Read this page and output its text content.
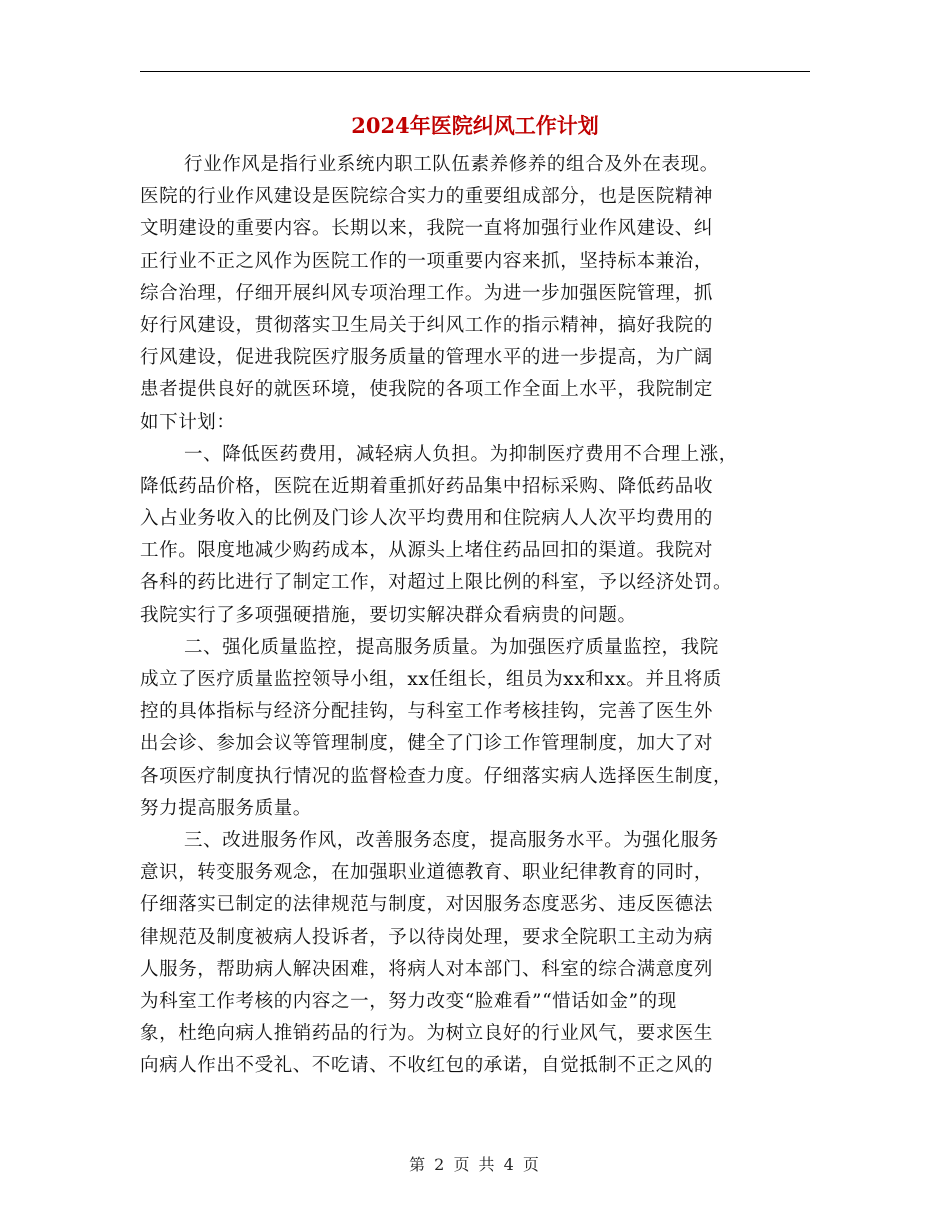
2024年医院纠风工作计划
行业作风是指行业系统内职工队伍素养修养的组合及外在表现。
医院的行业作风建设是医院综合实力的重要组成部分，也是医院精神
文明建设的重要内容。长期以来，我院一直将加强行业作风建设、纠
正行业不正之风作为医院工作的一项重要内容来抓，坚持标本兼治，
综合治理，仔细开展纠风专项治理工作。为进一步加强医院管理，抓
好行风建设，贯彻落实卫生局关于纠风工作的指示精神，搞好我院的
行风建设，促进我院医疗服务质量的管理水平的进一步提高，为广阔
患者提供良好的就医环境，使我院的各项工作全面上水平，我院制定
如下计划：
一、降低医药费用，减轻病人负担。为抑制医疗费用不合理上涨，
降低药品价格，医院在近期着重抓好药品集中招标采购、降低药品收
入占业务收入的比例及门诊人次平均费用和住院病人人次平均费用的
工作。限度地减少购药成本，从源头上堵住药品回扣的渠道。我院对
各科的药比进行了制定工作，对超过上限比例的科室，予以经济处罚。
我院实行了多项强硬措施，要切实解决群众看病贵的问题。
二、强化质量监控，提高服务质量。为加强医疗质量监控，我院
成立了医疗质量监控领导小组，xx任组长，组员为xx和xx。并且将质
控的具体指标与经济分配挂钩，与科室工作考核挂钩，完善了医生外
出会诊、参加会议等管理制度，健全了门诊工作管理制度，加大了对
各项医疗制度执行情况的监督检查力度。仔细落实病人选择医生制度，
努力提高服务质量。
三、改进服务作风，改善服务态度，提高服务水平。为强化服务
意识，转变服务观念，在加强职业道德教育、职业纪律教育的同时，
仔细落实已制定的法律规范与制度，对因服务态度恶劣、违反医德法
律规范及制度被病人投诉者，予以待岗处理，要求全院职工主动为病
人服务，帮助病人解决困难，将病人对本部门、科室的综合满意度列
为科室工作考核的内容之一，努力改变“脸难看”“惜话如金”的现
象，杜绝向病人推销药品的行为。为树立良好的行业风气，要求医生
向病人作出不受礼、不吃请、不收红包的承诺，自觉抵制不正之风的
第 2 页 共 4 页
